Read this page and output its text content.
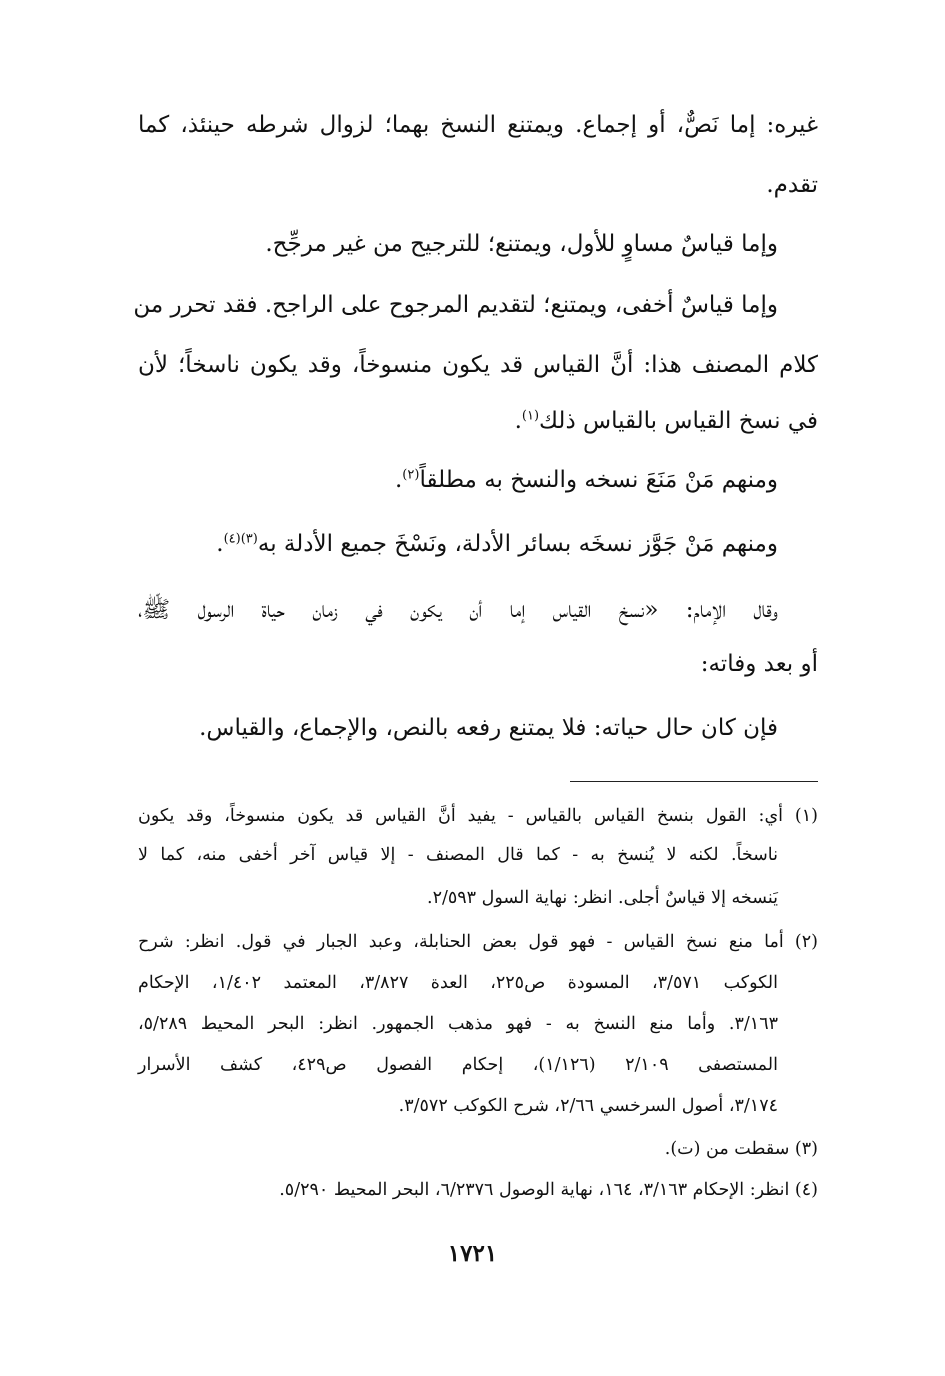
غيره: إما نَصٌّ، أو إجماع. ويمتنع النسخ بهما؛ لزوال شرطه حينئذ، كما
تقدم.
وإما قياسٌ مساوٍ للأول، ويمتنع؛ للترجيح من غير مرجِّح.
وإما قياسٌ أخفى، ويمتنع؛ لتقديم المرجوح على الراجح. فقد تحرر من
كلام المصنف هذا: أنَّ القياس قد يكون منسوخاً، وقد يكون ناسخاً؛ لأن
في نسخ القياس بالقياس ذلك$^{(١)}$.
ومنهم مَنْ مَنَعَ نسخه والنسخ به مطلقاً$^{(٢)}$.
ومنهم مَنْ جَوَّز نسخَه بسائر الأدلة، ونَسْخَ جميع الأدلة به$^{(٣)(٤)}$.
وقال الإمام: «نسخ القياس إما أن يكون في زمان حياة الرسول ﷺ،
أو بعد وفاته:
فإن كان حال حياته: فلا يمتنع رفعه بالنص، والإجماع، والقياس.
(١) أي: القول بنسخ القياس بالقياس - يفيد أنَّ القياس قد يكون منسوخاً، وقد يكون
ناسخاً. لكنه لا يُنسخ به - كما قال المصنف - إلا قياس آخر أخفى منه، كما لا
يَنسخه إلا قياسٌ أجلى. انظر: نهاية السول ٢/٥٩٣.
(٢) أما منع نسخ القياس - فهو قول بعض الحنابلة، وعبد الجبار في قول. انظر: شرح
الكوكب ٣/٥٧١، المسودة ص٢٢٥، العدة ٣/٨٢٧، المعتمد ١/٤٠٢، الإحكام
٣/١٦٣. وأما منع النسخ به - فهو مذهب الجمهور. انظر: البحر المحيط ٥/٢٨٩،
المستصفى ٢/١٠٩ (١/١٢٦)، إحكام الفصول ص٤٢٩، كشف الأسرار
٣/١٧٤، أصول السرخسي ٢/٦٦، شرح الكوكب ٣/٥٧٢.
(٣) سقطت من (ت).
(٤) انظر: الإحكام ٣/١٦٣، ١٦٤، نهاية الوصول ٦/٢٣٧٦، البحر المحيط ٥/٢٩٠.
١٧٢١
